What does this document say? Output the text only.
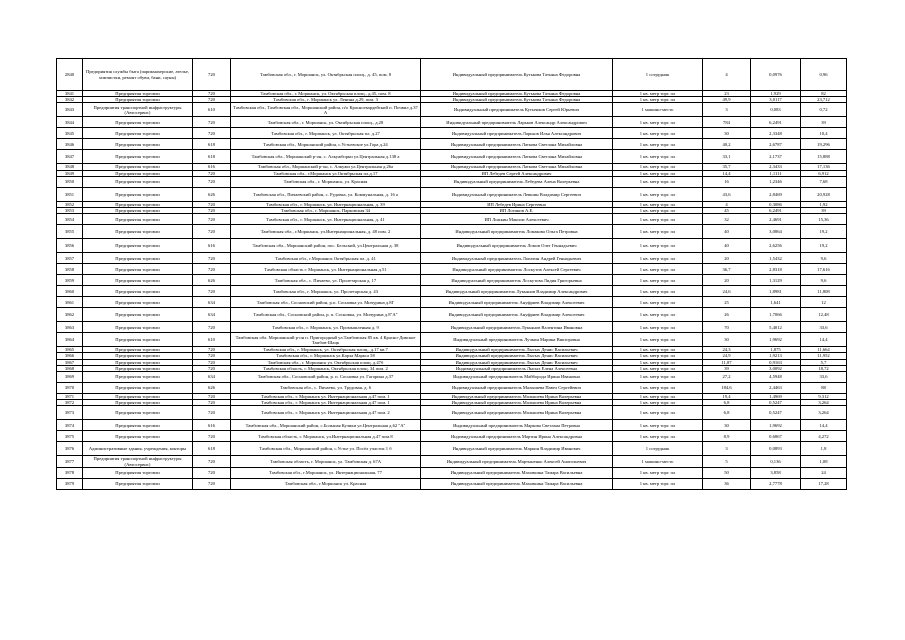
2840	Предприятия службы быта (парикмахерские, ателье, химчистки, ремонт обуви, бани, сауны)	720	Тамбовская обл., г. Моршанск, ул. Октябрьская площ., д. 45, пом. 8	Индивидуальный предприниматель Кутькова Татьяна Федоровна	1 сотрудник	4	0,0976	0,96
3841	Предприятия торговли	720	Тамбовская обл., г. Моршанск, ул. Октябрьская площ., д.45, пом. 8	Индивидуальный предприниматель Кутькова Татьяна Федоровна	1 кв. метр торг. пл	23	1,929	82
3842	Предприятия торговли	720	Тамбовская обл., г. Моршанск ул. Ленина д.29, пом. 3	Индивидуальный предприниматель Кутькова Татьяна Федоровна	1 кв. метр торг. пл	49,9	3,0117	23,712
3843	Предприятия транспортной инфраструктуры (Автосервис)	610	Тамбовская обл., Тамбовская обл., Моршанский район, п/о Красногвардейский п. Почвил д.37 А	Индивидуальный предприниматель Кутьенков Сергей Юрьевич	1 машино-место	3	0,083	0,72
3844	Предприятия торговли	720	Тамбовская обл., г. Моршанск, ул. Октябрьская площ., д.28	Индивидуальный предприниматель Ларьков Александр Александрович	1 кв. метр торг. пл	784	6,2491	39
3845	Предприятия торговли	720	Тамбовская обл., г. Моршанск, ул. Октябрьская пл. д.27	Индивидуальный предприниматель Ларьков Илья Александрович	1 кв. метр торг. пл	30	2,3348	10,4
3846	Предприятия торговли	618	Тамбовская обл., Моршанский район, с.Устьевское ул.Гора д.24	Индивидуальный предприниматель Латкова Светлана Михайловна	1 кв. метр торг. пл	40,2	2,6787	19,296
3847	Предприятия торговли	618	Тамбовская обл., Моршанский р-он, с. Алкужборки ул.Центральная д.138 а	Индивидуальный предприниматель Латкова Светлана Михайловна	1 кв. метр торг. пл	33,1	2,1737	15,888
3848	Предприятия торговли	616	Тамбовская обл., Моршанский р-он, с. Алкужи ул.Центральная д.26а	Индивидуальный предприниматель Латкова Светлана Михайловна	1 кв. метр торг. пл	35,7	2,3433	17,136
3849	Предприятия торговли	720	Тамбовская обл., г.Моршанск ул.Октябрьская пл.д.17	ИП Лебедев Сергей Александрович	1 кв. метр торг. пл	14,4	1,1111	6,912
3850	Предприятия торговли	720	Тамбовская обл., г. Моршанск, ул. Красная	Индивидуальный предприниматель Лебедева Алена Валерьевна	1 кв. метр торг. пл	16	1,2346	7,68
3851	Предприятия торговли	626	Тамбовская обл., Пичаевский район, с. Рудовка, ул. Коммунальная, д. 16 а	Индивидуальный предприниматель Левшин Владимир Сергеевич	1 кв. метр торг. пл	43,6	2,8469	20,928
3852	Предприятия торговли	720	Тамбовская обл., г. Моршанск, ул. Интернациональная, д. 39	ИП Лебедев Ирина Сергеевна	1 кв. метр торг. пл	4	0,3086	1,92
3853	Предприятия торговли	720	Тамбовская обл., г. Моршанск, Парковская 34	ИП Логинов А.Е.	1 кв. метр торг. пл	45	6,2491	39
3854	Предприятия торговли	720	Тамбовская обл., г. Моршанск, ул. Интернациональная, д. 41	ИП Ложкин Максим Алексеевич	1 кв. метр торг. пл	32	2,4691	15,36
3855	Предприятия торговли	720	Тамбовская обл., г.Моршанск, ул.Интернациональная, д. 48 пом. 2	Индивидуальный предприниматель Ломакова Ольга Петровна	1 кв. метр торг. пл	40	3,0864	19,2
3856	Предприятия торговли	616	Тамбовская обл., Моршанский район, пос. Бельский, ул.Центральная д. 38	Индивидуальный предприниматель Ломов Олег Геннадьевич	1 кв. метр торг. пл	40	2,6256	19,2
3857	Предприятия торговли	720	Тамбовская обл., г.Моршанск Октябрьская пл. д. 41	Индивидуальный предприниматель Лопатин Андрей Геннадьевич	1 кв. метр торг. пл	20	1,5432	9,6
3858	Предприятия торговли	720	Тамбовская область г. Моршанск, ул. Интернациональная д.51	Индивидуальный предприниматель Лоскутов Алексей Сергеевич	1 кв. метр торг. пл	36,7	2,8318	17,616
3859	Предприятия торговли	626	Тамбовская обл., с. Пичаево, ул. Пролетарская д. 17	Индивидуальный предприниматель Лоскутова Лидия Григорьевна	1 кв. метр торг. пл	20	1,3129	9,6
3860	Предприятия торговли	720	Тамбовская обл., г. Моршанск, ул. Пролетарская д. 43	Индивидуальный предприниматель Лукьянов Владимир Александрович	1 кв. метр торг. пл	24,6	1,8981	11,808
3861	Предприятия торговли	634	Тамбовская обл., Сосновский район, р.п. Сосновка ул. Мичурина д.8Г	Индивидуальный предприниматель Ануфриев Владимир Алексеевич	1 кв. метр торг. пл	25	1,641	12
3862	Предприятия торговли	634	Тамбовская обл., Сосновский район, р. п. Сосновка, ул. Мичурина д.8"А"	Индивидуальный предприниматель Ануфриев Владимир Алексеевич	1 кв. метр торг. пл	26	1,7066	12,48
3863	Предприятия торговли	720	Тамбовская обл., г. Моршанск, ул. Промышленная д. 9	Индивидуальный предприниматель Лукьянов Валентина Ивановна	1 кв. метр торг. пл	70	5,4012	33,6
3864	Предприятия торговли	610	Тамбовская обл. Моршанский р-он п. Пригородный ул.Тамбовская 85 кв. 4 Красно-Дивское Тамбов-Шацк	Индивидуальный предприниматель Лучкин Марина Викторовна	1 кв. метр торг. пл	30	1,9692	14,4
3865	Предприятия торговли	720	Тамбовская обл., г. Моршанск, ул. Октябрьская площ., д.17 кв.7	Индивидуальный предприниматель Лысых Денис Васильевич	1 кв. метр торг. пл	24,3	1,875	11,664
3866	Предприятия торговли	720	Тамбовская обл., г. Моршанск ул.Карла Маркса 58	Индивидуальный предприниматель Лысых Денис Васильевич	1 кв. метр торг. пл	24,9	1,9213	11,952
3867	Предприятия торговли	720	Тамбовская обл., г. Моршанск ул. Октябрьская площ. д.47б	Индивидуальный предприниматель Лысых Денис Васильевич	1 кв. метр торг. пл	11,87	0,9163	5,7
3868	Предприятия торговли	720	Тамбовская область, г. Моршанск, Октябрьская площ. 34 пом. 2	Индивидуальный предприниматель Лысых Елена Алексеевна	1 кв. метр торг. пл	39	3,0092	18,72
3869	Предприятия торговли	634	Тамбовская обл., Сосновский район, р. п. Сосновка ул. Гагарина д.37	Индивидуальный предприниматель Майборода Ирина Ивановна	1 кв. метр торг. пл	27,2	4,5948	33,6
3870	Предприятия торговли	626	Тамбовская обл., с. Пичаево, ул. Трудовая, д. 6	Индивидуальный предприниматель Малышева Павел Сергейевич	1 кв. метр торг. пл	184,6	2,4463	88
3871	Предприятия торговли	720	Тамбовская обл., г. Моршанск ул. Интернациональная д.47 пом. 1	Индивидуальный предприниматель Малышева Ирина Валерьевна	1 кв. метр торг. пл	19,4	1,4969	9,312
3872	Предприятия торговли	720	Тамбовская обл., г. Моршанск ул. Интернациональная д.47 пом. 1	Индивидуальный предприниматель Малышева Ирина Валерьевна	1 кв. метр торг. пл	6,8	0,5247	3,264
3873	Предприятия торговли	720	Тамбовская обл., г. Моршанск ул. Интернациональная д.47 пом. 2	Индивидуальный предприниматель Малышева Ирина Валерьевна	1 кв. метр торг. пл	6,8	0,5247	3,264
3874	Предприятия торговли	616	Тамбовская обл., Моршанский район, с.Большая Кулики ул.Центральная д.62 "А"	Индивидуальный предприниматель Маркова Светлана Петровна	1 кв. метр торг. пл	30	1,9692	14,4
3875	Предприятия торговли	720	Тамбовская область, г. Моршанск, ул.Интернациональная д.47 пом.8	Индивидуальный предприниматель Мартин Ирина Александровна	1 кв. метр торг. пл	8,9	0,6867	4,272
3876	Административные здания, учреждения, конторы	618	Тамбовская обл., Моршанский район, с.Устье ул. Посёл участок 1 б	Индивидуальный предприниматель Маркин Владимир Иванович	1 сотрудник	3	0,0893	1,8
3877	Предприятия транспортной инфраструктуры (Автосервис)	720	Тамбовская область, г. Моршанск, ул. Тамбовская д. 67А	Индивидуальный предприниматель Мартыненко Алексей Анатольевич	1 машино-место	5	0,136	1,08
3878	Предприятия торговли	720	Тамбовская обл., г.Моршанск, ул. Интернациональная, 77	Индивидуальный предприниматель Маховкина Тамара Васильевна	1 кв. метр торг. пл	50	3,858	24
3879	Предприятия торговли	720	Тамбовская обл., г.Моршанск ул. Красная	Индивидуальный предприниматель Маховкина Тамара Васильевна	1 кв. метр торг. пл	36	2,7778	17,28
